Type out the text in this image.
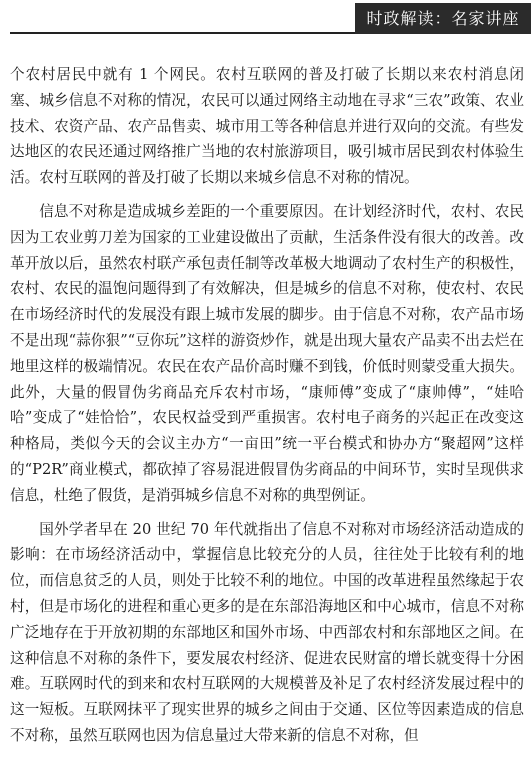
时政解读：名家讲座

个农村居民中就有 1 个网民。农村互联网的普及打破了长期以来农村消息闭塞、城乡信息不对称的情况，农民可以通过网络主动地在寻求“三农”政策、农业技术、农资产品、农产品售卖、城市用工等各种信息并进行双向的交流。有些发达地区的农民还通过网络推广当地的农村旅游项目，吸引城市居民到农村体验生活。农村互联网的普及打破了长期以来城乡信息不对称的情况。

信息不对称是造成城乡差距的一个重要原因。在计划经济时代，农村、农民因为工农业剪刀差为国家的工业建设做出了贡献，生活条件没有很大的改善。改革开放以后，虽然农村联产承包责任制等改革极大地调动了农村生产的积极性，农村、农民的温饱问题得到了有效解决，但是城乡的信息不对称，使农村、农民在市场经济时代的发展没有跟上城市发展的脚步。由于信息不对称，农产品市场不是出现“蒜你狠”“豆你玩”这样的游资炒作，就是出现大量农产品卖不出去烂在地里这样的极端情况。农民在农产品价高时赚不到钱，价低时则蒙受重大损失。此外，大量的假冒伪劣商品充斥农村市场，“康师傅”变成了“康帅傅”，“娃哈哈”变成了“娃恰恰”，农民权益受到严重损害。农村电子商务的兴起正在改变这种格局，类似今天的会议主办方“一亩田”统一平台模式和协办方“聚超网”这样的“P2R”商业模式，都砍掉了容易混进假冒伪劣商品的中间环节，实时呈现供求信息，杜绝了假货，是消弭城乡信息不对称的典型例证。

国外学者早在 20 世纪 70 年代就指出了信息不对称对市场经济活动造成的影响：在市场经济活动中，掌握信息比较充分的人员，往往处于比较有利的地位，而信息贫乏的人员，则处于比较不利的地位。中国的改革进程虽然缘起于农村，但是市场化的进程和重心更多的是在东部沿海地区和中心城市，信息不对称广泛地存在于开放初期的东部地区和国外市场、中西部农村和东部地区之间。在这种信息不对称的条件下，要发展农村经济、促进农民财富的增长就变得十分困难。互联网时代的到来和农村互联网的大规模普及补足了农村经济发展过程中的这一短板。互联网抹平了现实世界的城乡之间由于交通、区位等因素造成的信息不对称，虽然互联网也因为信息量过大带来新的信息不对称，但
